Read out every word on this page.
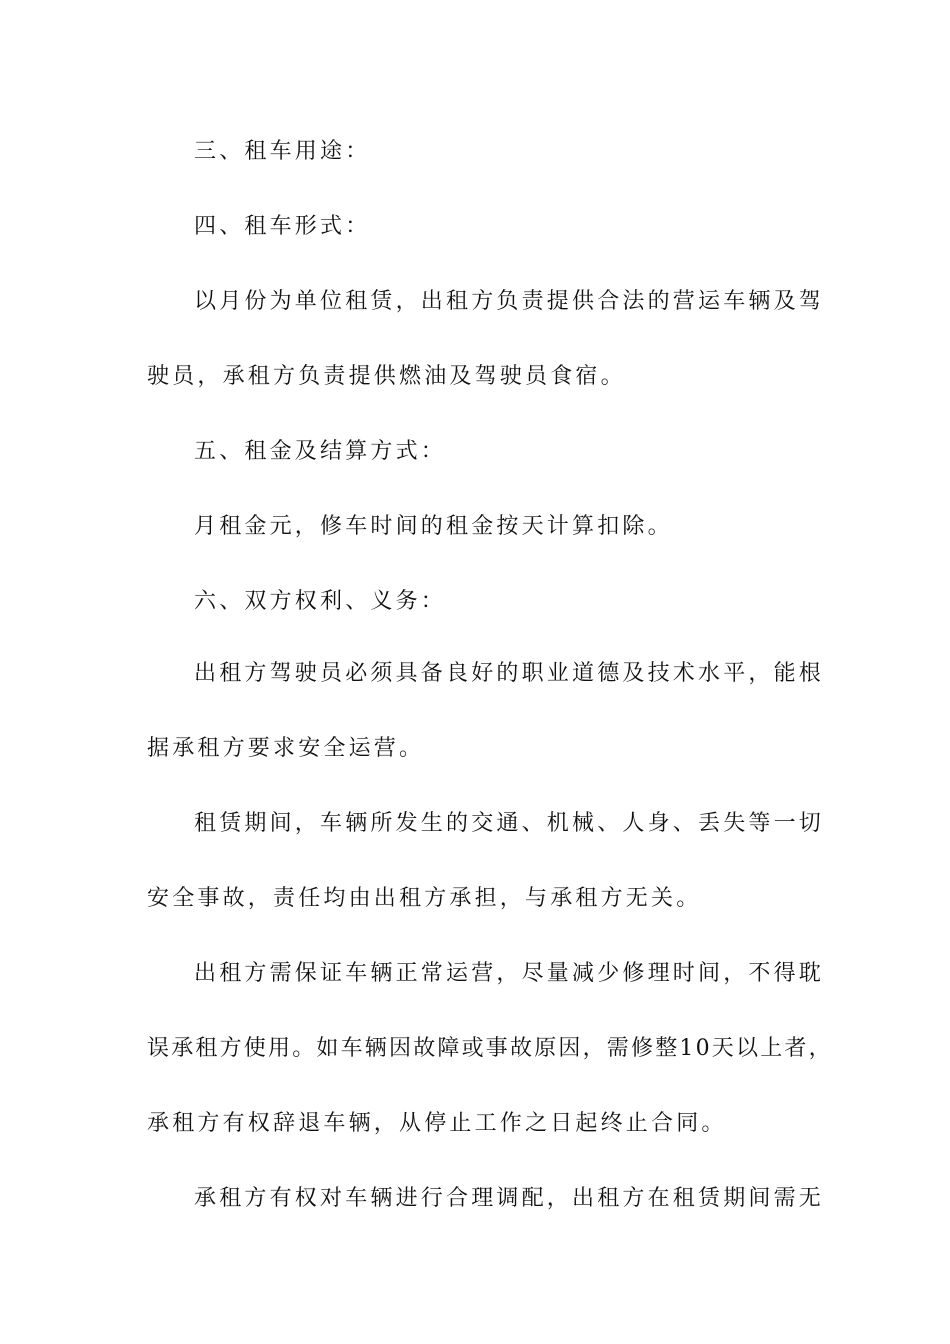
三、租车用途：

四、租车形式：

以月份为单位租赁，出租方负责提供合法的营运车辆及驾

驶员，承租方负责提供燃油及驾驶员食宿。

五、租金及结算方式：

月租金元，修车时间的租金按天计算扣除。

六、双方权利、义务：

出租方驾驶员必须具备良好的职业道德及技术水平，能根

据承租方要求安全运营。

租赁期间，车辆所发生的交通、机械、人身、丢失等一切

安全事故，责任均由出租方承担，与承租方无关。

出租方需保证车辆正常运营，尽量减少修理时间，不得耽

误承租方使用。如车辆因故障或事故原因，需修整10天以上者，

承租方有权辞退车辆，从停止工作之日起终止合同。

承租方有权对车辆进行合理调配，出租方在租赁期间需无
